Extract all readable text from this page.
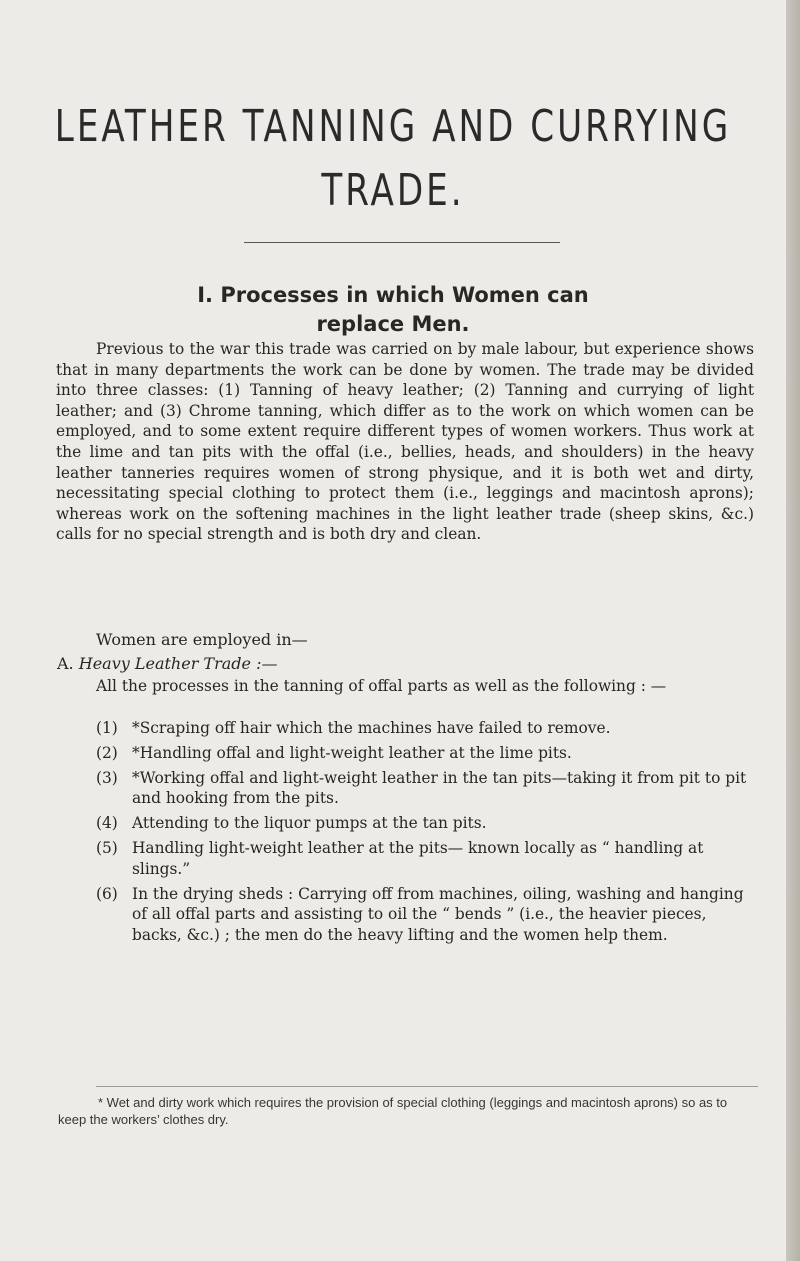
LEATHER TANNING AND CURRYING
TRADE.
I. Processes in which Women can
replace Men.

Previous to the war this trade was carried on by male labour, but experience shows that in many departments the work can be done by women. The trade may be divided into three classes: (1) Tanning of heavy leather; (2) Tanning and currying of light leather; and (3) Chrome tanning, which differ as to the work on which women can be employed, and to some extent require different types of women workers. Thus work at the lime and tan pits with the offal (i.e., bellies, heads, and shoulders) in the heavy leather tanneries requires women of strong physique, and it is both wet and dirty, necessitating special clothing to protect them (i.e., leggings and macintosh aprons); whereas work on the softening machines in the light leather trade (sheep skins, &c.) calls for no special strength and is both dry and clean.

Women are employed in—

A. Heavy Leather Trade :—

All the processes in the tanning of offal parts as well as the following : —

(1) *Scraping off hair which the machines have failed to remove.
(2) *Handling offal and light-weight leather at the lime pits.
(3) *Working offal and light-weight leather in the tan pits—taking it from pit to pit and hooking from the pits.
(4) Attending to the liquor pumps at the tan pits.
(5) Handling light-weight leather at the pits— known locally as “ handling at slings.”
(6) In the drying sheds : Carrying off from machines, oiling, washing and hanging of all offal parts and assisting to oil the “ bends ” (i.e., the heavier pieces, backs, &c.) ; the men do the heavy lifting and the women help them.

* Wet and dirty work which requires the provision of special clothing (leggings and macintosh aprons) so as to keep the workers’ clothes dry.
